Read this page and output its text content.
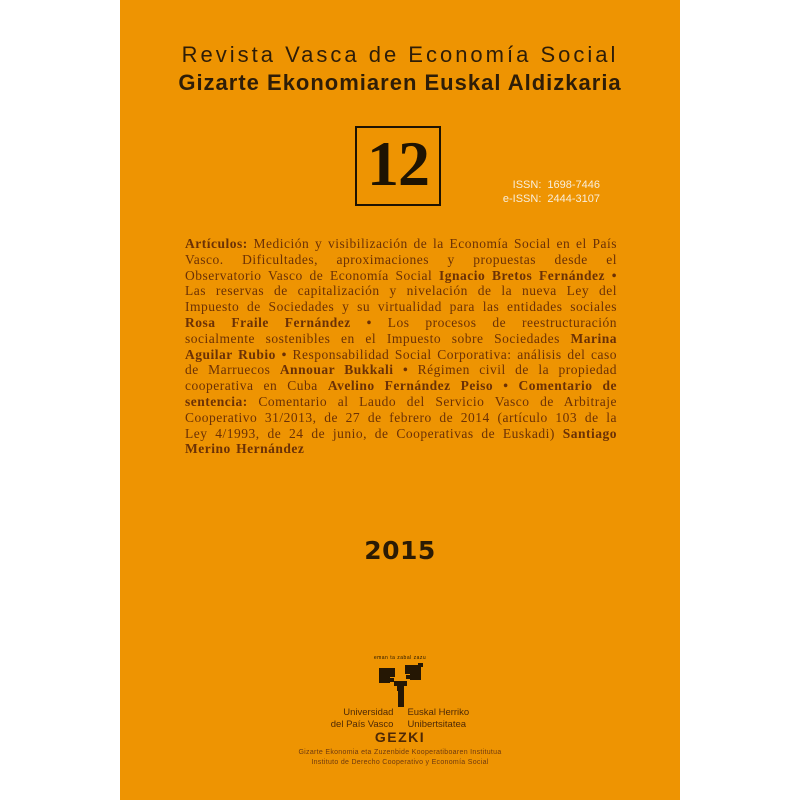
Revista Vasca de Economía Social
Gizarte Ekonomiaren Euskal Aldizkaria
12	ISSN: 1698-7446
e-ISSN: 2444-3107

Artículos: Medición y visibilización de la Economía Social en el País Vasco. Dificultades, aproximaciones y propuestas desde el Observatorio Vasco de Economía Social Ignacio Bretos Fernández • Las reservas de capitalización y nivelación de la nueva Ley del Impuesto de Sociedades y su virtualidad para las entidades sociales Rosa Fraile Fernández • Los procesos de reestructuración socialmente sostenibles en el Impuesto sobre Sociedades Marina Aguilar Rubio • Responsabilidad Social Corporativa: análisis del caso de Marruecos Annouar Bukkali • Régimen civil de la propiedad cooperativa en Cuba Avelino Fernández Peiso • Comentario de sentencia: Comentario al Laudo del Servicio Vasco de Arbitraje Cooperativo 31/2013, de 27 de febrero de 2014 (artículo 103 de la Ley 4/1993, de 24 de junio, de Cooperativas de Euskadi) Santiago Merino Hernández

2015
eman ta zabal zazu
Universidad
del País Vasco
Euskal Herriko
Unibertsitatea
GEZKI
Gizarte Ekonomia eta Zuzenbide Kooperatiboaren Institutua
Instituto de Derecho Cooperativo y Economía Social
